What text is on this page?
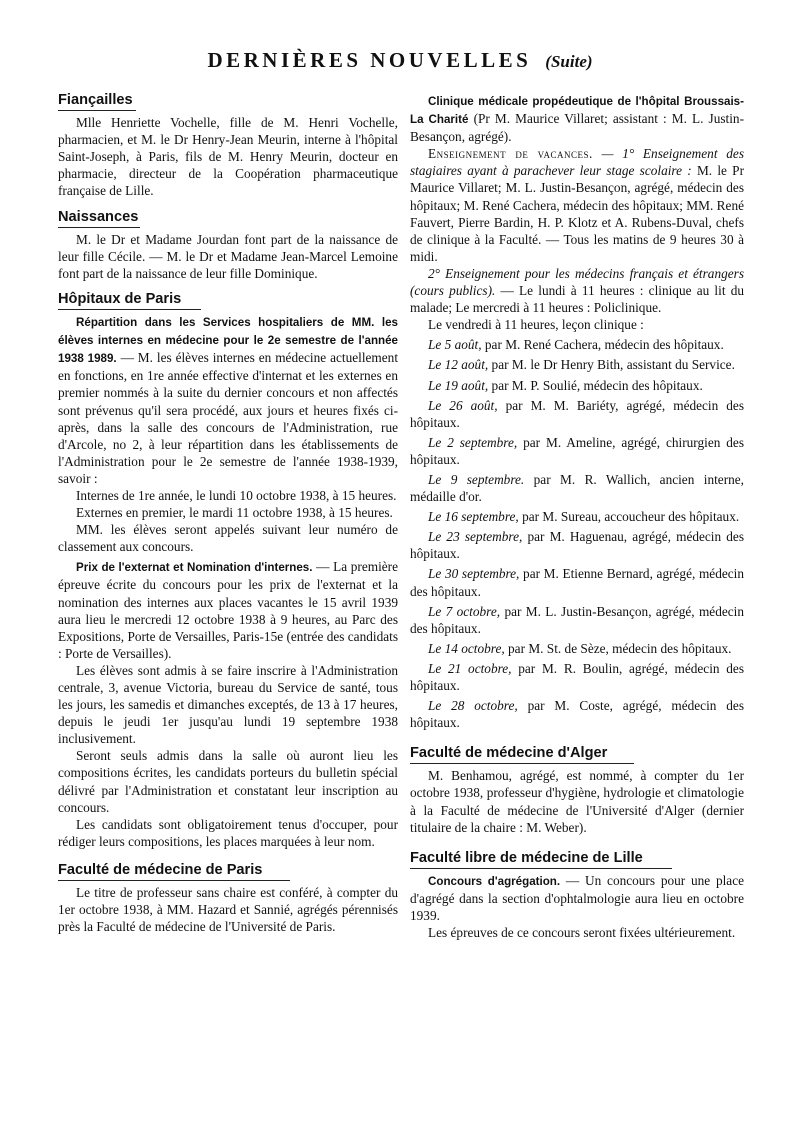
DERNIÈRES NOUVELLES (Suite)
Fiançailles

Mlle Henriette Vochelle, fille de M. Henri Vochelle, pharmacien, et M. le Dr Henry-Jean Meurin, interne à l'hôpital Saint-Joseph, à Paris, fils de M. Henry Meurin, docteur en pharmacie, directeur de la Coopération pharmaceutique française de Lille.

Naissances

M. le Dr et Madame Jourdan font part de la naissance de leur fille Cécile. — M. le Dr et Madame Jean-Marcel Lemoine font part de la naissance de leur fille Dominique.

Hôpitaux de Paris

Répartition dans les Services hospitaliers de MM. les élèves internes en médecine pour le 2e semestre de l'année 1938 1989. — M. les élèves internes en médecine actuellement en fonctions, en 1re année effective d'internat et les externes en premier nommés à la suite du dernier concours et non affectés sont prévenus qu'il sera procédé, aux jours et heures fixés ci-après, dans la salle des concours de l'Administration, rue d'Arcole, no 2, à leur répartition dans les établissements de l'Administration pour le 2e semestre de l'année 1938-1939, savoir :

Internes de 1re année, le lundi 10 octobre 1938, à 15 heures.

Externes en premier, le mardi 11 octobre 1938, à 15 heures.

MM. les élèves seront appelés suivant leur numéro de classement aux concours.

Prix de l'externat et Nomination d'internes. — La première épreuve écrite du concours pour les prix de l'externat et la nomination des internes aux places vacantes le 15 avril 1939 aura lieu le mercredi 12 octobre 1938 à 9 heures, au Parc des Expositions, Porte de Versailles, Paris-15e (entrée des candidats : Porte de Versailles).

Les élèves sont admis à se faire inscrire à l'Administration centrale, 3, avenue Victoria, bureau du Service de santé, tous les jours, les samedis et dimanches exceptés, de 13 à 17 heures, depuis le jeudi 1er jusqu'au lundi 19 septembre 1938 inclusivement.

Seront seuls admis dans la salle où auront lieu les compositions écrites, les candidats porteurs du bulletin spécial délivré par l'Administration et constatant leur inscription au concours.

Les candidats sont obligatoirement tenus d'occuper, pour rédiger leurs compositions, les places marquées à leur nom.

Faculté de médecine de Paris

Le titre de professeur sans chaire est conféré, à compter du 1er octobre 1938, à MM. Hazard et Sannié, agrégés pérennisés près la Faculté de médecine de l'Université de Paris.

Clinique médicale propédeutique de l'hôpital Broussais-La Charité (Pr M. Maurice Villaret; assistant : M. L. Justin-Besançon, agrégé).

Enseignement de vacances. — 1° Enseignement des stagiaires ayant à parachever leur stage scolaire : M. le Pr Maurice Villaret; M. L. Justin-Besançon, agrégé, médecin des hôpitaux; M. René Cachera, médecin des hôpitaux; MM. René Fauvert, Pierre Bardin, H. P. Klotz et A. Rubens-Duval, chefs de clinique à la Faculté. — Tous les matins de 9 heures 30 à midi.

2° Enseignement pour les médecins français et étrangers (cours publics). — Le lundi à 11 heures : clinique au lit du malade; Le mercredi à 11 heures : Policlinique.

Le vendredi à 11 heures, leçon clinique :

Le 5 août, par M. René Cachera, médecin des hôpitaux.

Le 12 août, par M. le Dr Henry Bith, assistant du Service.

Le 19 août, par M. P. Soulié, médecin des hôpitaux.

Le 26 août, par M. M. Bariéty, agrégé, médecin des hôpitaux.

Le 2 septembre, par M. Ameline, agrégé, chirurgien des hôpitaux.

Le 9 septembre. par M. R. Wallich, ancien interne, médaille d'or.

Le 16 septembre, par M. Sureau, accoucheur des hôpitaux.

Le 23 septembre, par M. Haguenau, agrégé, médecin des hôpitaux.

Le 30 septembre, par M. Etienne Bernard, agrégé, médecin des hôpitaux.

Le 7 octobre, par M. L. Justin-Besançon, agrégé, médecin des hôpitaux.

Le 14 octobre, par M. St. de Sèze, médecin des hôpitaux.

Le 21 octobre, par M. R. Boulin, agrégé, médecin des hôpitaux.

Le 28 octobre, par M. Coste, agrégé, médecin des hôpitaux.

Faculté de médecine d'Alger

M. Benhamou, agrégé, est nommé, à compter du 1er octobre 1938, professeur d'hygiène, hydrologie et climatologie à la Faculté de médecine de l'Université d'Alger (dernier titulaire de la chaire : M. Weber).

Faculté libre de médecine de Lille

Concours d'agrégation. — Un concours pour une place d'agrégé dans la section d'ophtalmologie aura lieu en octobre 1939.

Les épreuves de ce concours seront fixées ultérieurement.
